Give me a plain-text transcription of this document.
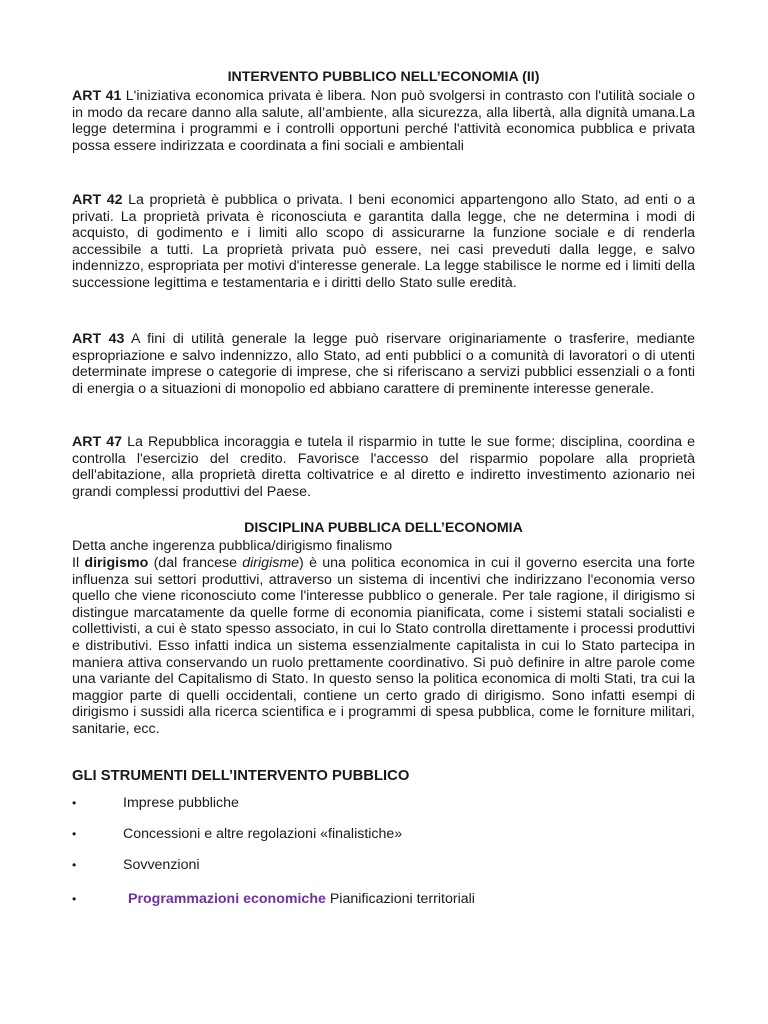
INTERVENTO PUBBLICO NELL’ECONOMIA (II)
ART 41 L'iniziativa economica privata è libera. Non può svolgersi in contrasto con l'utilità sociale o in modo da recare danno alla salute, all’ambiente, alla sicurezza, alla libertà, alla dignità umana.La legge determina i programmi e i controlli opportuni perché l'attività economica pubblica e privata possa essere indirizzata e coordinata a fini sociali e ambientali
ART 42 La proprietà è pubblica o privata. I beni economici appartengono allo Stato, ad enti o a privati. La proprietà privata è riconosciuta e garantita dalla legge, che ne determina i modi di acquisto, di godimento e i limiti allo scopo di assicurarne la funzione sociale e di renderla accessibile a tutti. La proprietà privata può essere, nei casi preveduti dalla legge, e salvo indennizzo, espropriata per motivi d'interesse generale. La legge stabilisce le norme ed i limiti della successione legittima e testamentaria e i diritti dello Stato sulle eredità.
ART 43 A fini di utilità generale la legge può riservare originariamente o trasferire, mediante espropriazione e salvo indennizzo, allo Stato, ad enti pubblici o a comunità di lavoratori o di utenti determinate imprese o categorie di imprese, che si riferiscano a servizi pubblici essenziali o a fonti di energia o a situazioni di monopolio ed abbiano carattere di preminente interesse generale.
ART 47 La Repubblica incoraggia e tutela il risparmio in tutte le sue forme; disciplina, coordina e controlla l'esercizio del credito. Favorisce l'accesso del risparmio popolare alla proprietà dell'abitazione, alla proprietà diretta coltivatrice e al diretto e indiretto investimento azionario nei grandi complessi produttivi del Paese.
DISCIPLINA PUBBLICA DELL’ECONOMIA
Detta anche ingerenza pubblica/dirigismo finalismo
Il dirigismo (dal francese dirigisme) è una politica economica in cui il governo esercita una forte influenza sui settori produttivi, attraverso un sistema di incentivi che indirizzano l'economia verso quello che viene riconosciuto come l'interesse pubblico o generale. Per tale ragione, il dirigismo si distingue marcatamente da quelle forme di economia pianificata, come i sistemi statali socialisti e collettivisti, a cui è stato spesso associato, in cui lo Stato controlla direttamente i processi produttivi e distributivi. Esso infatti indica un sistema essenzialmente capitalista in cui lo Stato partecipa in maniera attiva conservando un ruolo prettamente coordinativo. Si può definire in altre parole come una variante del Capitalismo di Stato. In questo senso la politica economica di molti Stati, tra cui la maggior parte di quelli occidentali, contiene un certo grado di dirigismo. Sono infatti esempi di dirigismo i sussidi alla ricerca scientifica e i programmi di spesa pubblica, come le forniture militari, sanitarie, ecc.
GLI STRUMENTI DELL’INTERVENTO PUBBLICO
•	Imprese pubbliche
•	Concessioni e altre regolazioni «finalistiche»
•	Sovvenzioni
•	Programmazioni economiche Pianificazioni territoriali
